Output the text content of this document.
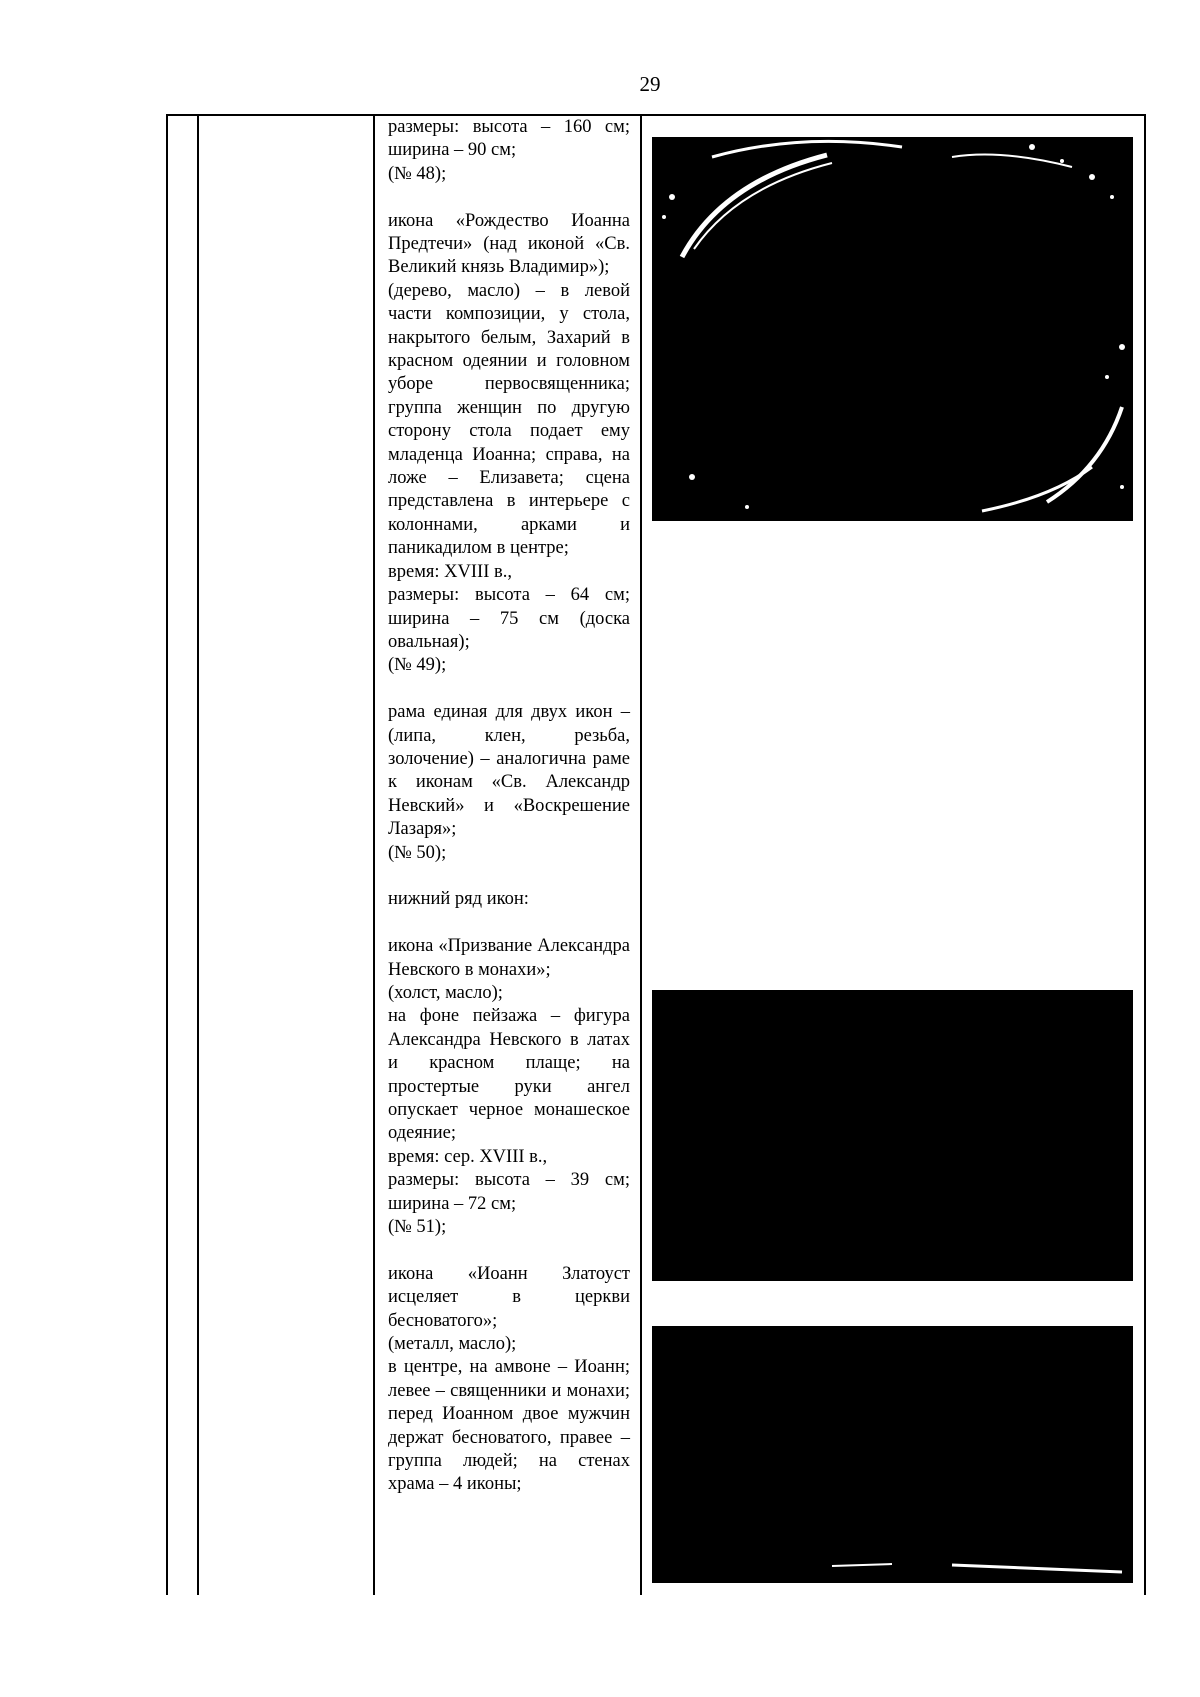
29

размеры: высота – 160 см;

ширина – 90 см;

(№ 48);

икона «Рождество Иоанна Предтечи» (над иконой «Св. Великий князь Владимир»);

(дерево, масло) – в левой части композиции, у стола, накрытого белым, Захарий в красном одеянии и головном уборе первосвященника; группа женщин по другую сторону стола подает ему младенца Иоанна; справа, на ложе – Елизавета; сцена представлена в интерьере с колоннами, арками и паникадилом в центре;

время: XVIII в.,

размеры: высота – 64 см; ширина – 75 см (доска овальная);

(№ 49);

рама единая для двух икон – (липа, клен, резьба, золочение) – аналогична раме к иконам «Св. Александр Невский» и «Воскрешение Лазаря»;

(№ 50);

нижний ряд икон:

икона «Призвание Александра Невского в монахи»;

(холст, масло);

на фоне пейзажа – фигура Александра Невского в латах и красном плаще; на простертые руки ангел опускает черное монашеское одеяние;

время: сер. XVIII в.,

размеры: высота – 39 см; ширина – 72 см;

(№ 51);

икона «Иоанн Златоуст исцеляет в церкви бесноватого»;

(металл, масло);

в центре, на амвоне – Иоанн; левее – священники и монахи; перед Иоанном двое мужчин держат бесноватого, правее – группа людей; на стенах храма – 4 иконы;
